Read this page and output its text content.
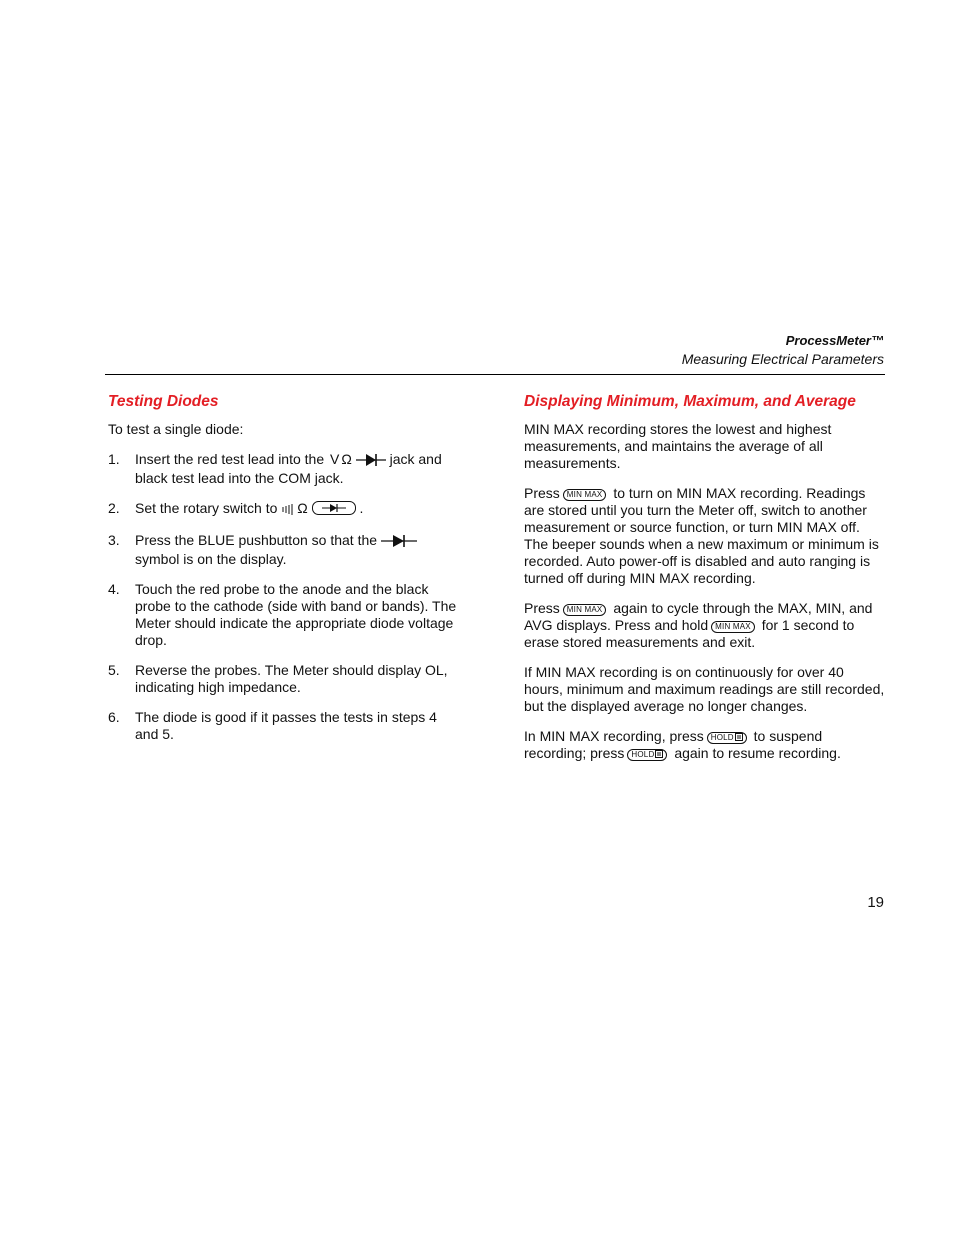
ProcessMeter™
Measuring Electrical Parameters
Testing Diodes

To test a single diode:

1. Insert the red test lead into the V Ω	jack and black test lead into the COM jack.
2. Set the rotary switch to Ω	.
3. Press the BLUE pushbutton so that the  symbol is on the display.
4. Touch the red probe to the anode and the black probe to the cathode (side with band or bands). The Meter should indicate the appropriate diode voltage drop.
5. Reverse the probes. The Meter should display OL, indicating high impedance.
6. The diode is good if it passes the tests in steps 4 and 5.
Displaying Minimum, Maximum, and Average

MIN MAX recording stores the lowest and highest measurements, and maintains the average of all measurements.

Press MIN MAX to turn on MIN MAX recording. Readings are stored until you turn the Meter off, switch to another measurement or source function, or turn MIN MAX off. The beeper sounds when a new maximum or minimum is recorded. Auto power-off is disabled and auto ranging is turned off during MIN MAX recording.

Press MIN MAX again to cycle through the MAX, MIN, and AVG displays. Press and hold MIN MAX for 1 second to erase stored measurements and exit.

If MIN MAX recording is on continuously for over 40 hours, minimum and maximum readings are still recorded, but the displayed average no longer changes.

In MIN MAX recording, press HOLD to suspend recording; press HOLD again to resume recording.

19
